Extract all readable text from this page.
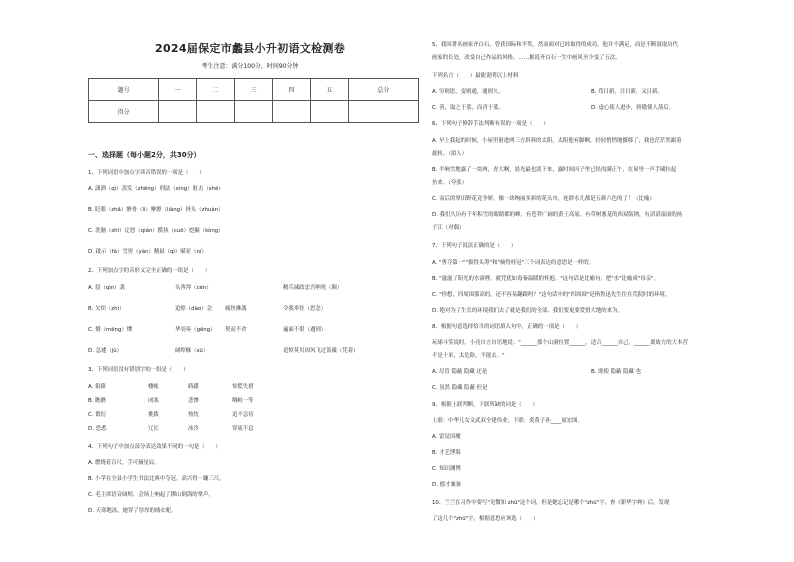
2024届保定市蠡县小升初语文检测卷
考生注意：满分100分，时间90分钟
题号	一	二	三	四	五	总分
得分						
一、选择题（每小题2分，共30分）
1、下列词语中加点字读音错误的一项是（　　）
A. 潇洒（qì）蒸发（zhēng）刑法（xíng）射击（shè）
B. 眨眼（zhǎ）骸骨（lì）摩擦（liàng）挤头（zhuàn）
C. 洗脑（shī）迂怒（qián）揽执（cuō）挖掘（kòng）
D. 啟示（fá）雪窖（yàn）精悬（qì）赋亚（ní）
2、下列加点字的音形义完全正确的一组是（　　）
A. 侵（qìn）袭	头涔涔（cén）	精兵减政忠吾呐死（颠）
B. 欠炽（zhì）	追悼（dào）会 痛快淋漓	令我牵挂（思念）
C. 懵（mēng）懂	华羽奏（gēng） 契而不舍	遍面不堪（遇到）
D. 急遽（jù）	阔绰酥（sū）	追悼莫贝因风飞过蔷薇（凭着）
3、下列词语没有错别字的一组是（　　）
A. 狼藉	楼帐	踌躇	惊慌失措
B. 瞧瞧	闭塞	悲惨	咽鲑一等
C. 繁衍	挑拨	热忱	追不急待
D. 恐悉	冗长	冰冷	穿流不息
4、下列句子中加点部分表达效果不同的一句是（　　）
A. 燃烧着百尺，手可摘星辰。
B. 小苹在全县小学生书法比赛中夺冠，高兴得一蹦三尺。
C. 毛主席语音阔绰，会场上响起了掷山倒海的掌声。
D. 天寒地冻，她穿了厚厚的绒衣呢。
5、我国著名画家齐白石，曾获国际和平奖。然而面对已经取得的成功，他并不满足，而是不断汲取历代
画家的长处，改变自己作品的风格。……据说齐白石一生中画风至少变了五次。
下列名言（　　）最能说明以上材料
A. 穷则思，变则通，通则久。	B. 苟日新，日日新，又日新。
C. 善，取之于蓝，而青于蓝。	D. 虚心使人进步，骄傲使人落后。
6、下列句子修辞手法判断有误的一项是（　　）
A. 早上我起的时候，小屋里射进两三方斜斜的太阳，太阳他有脚啊，轻轻悄悄地挪移了；我也茫茫然跟着
旋转。（拟人）
B. 半响雪地露了一块两，青大啊，晨光最也淡下来，露时间闪子里已经沟满正午，在屋里一声手刷拉起
鱼来。（夸张）
C. 而后的掌田野花竟争妍，像一块绚丽多彩的花头巾，连群水儿都是五颜六色的了！（比喻）
D. 我们久历有千年积雪的眼睛都的峰，有苍莽广阔的黄土高原，有草树葱茏的西双版纳，有滔滔滚滚的扬
子江（对偶）
7、下列句子说法正确的是（　　）
A. "勇夺第一""拔得头筹"和"摘得桂冠"三个词表达的意思是一样的。
B. "滋滋了阳光的水滚哮，就凭犹如毒秦温暖的怀抱。"这句话是比喻句，把"水"比喻成"母亲"。
C. "你想，四周围那高的，还不容易翻跟吗？"这句话中的"四周围"是指鲁迅先生住在荒院时的环境。
D. 绝对为了生长的环境我们去了就是我们的全部，我们要更要爱惜大地的来为。
8、根据句意选择恰当的词语填入句中，正确的一项是（　　）
玩球斗笑说时，小亮自言自语地说："______那个山洞位置______，适合______自己，______离故方的大本营
不是十米，太危险，不能去。"
A. 尽管 隐蔽 隐藏 还是	B. 即使 隐蔽 隐藏 也
C. 虽然 隐藏 隐蔽 但是
9、根据上联判断，下联所缺的词是（　　）
上联：中华儿女文武双全建伟业；下联：炎黄子孙____展宏图。
A. 雷觉国魔
B. 才艺博海
C. 知识渊博
D. 德才兼备
10、兰兰在习作中要写"见微知 zhū"这个词，但是她忘记是哪个"zhū"字，查《新华字典》后，发现
了这几个"zhū"字，根据意思应该选（　　）
